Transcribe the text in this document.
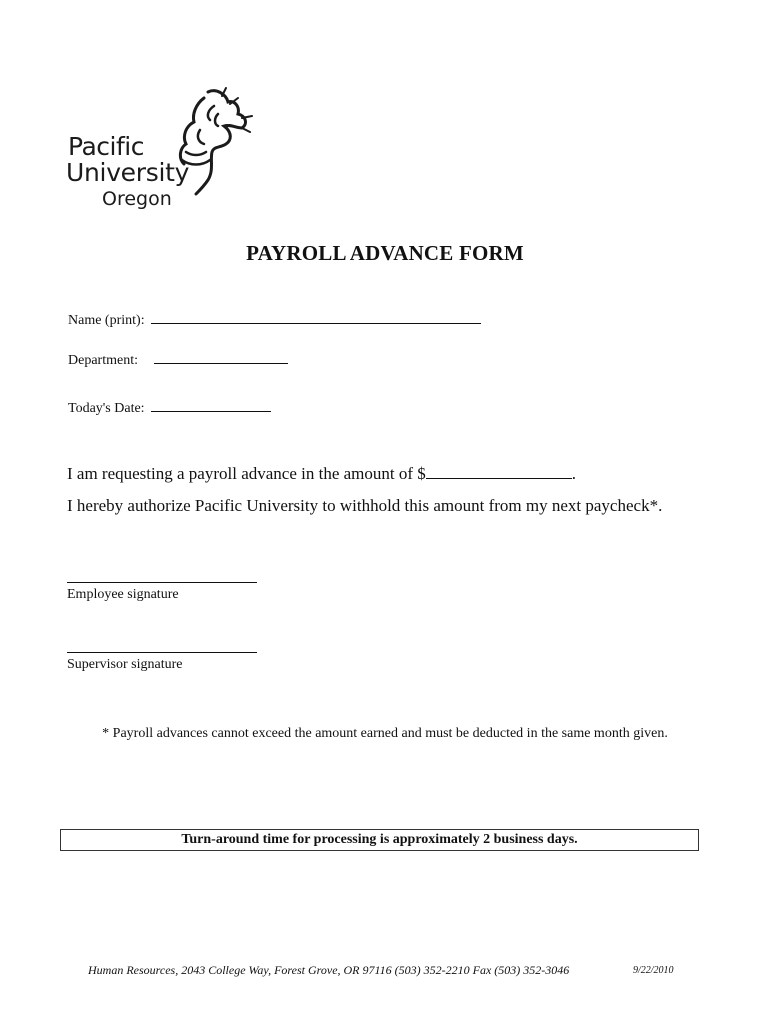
Pacific
University
Oregon
PAYROLL ADVANCE FORM
Name (print):
Department:
Today's Date:
I am requesting a payroll advance in the amount of $	.
I hereby authorize Pacific University to withhold this amount from my next paycheck*.
Employee signature
Supervisor signature
* Payroll advances cannot exceed the amount earned and must be deducted in the same month given.
Turn-around time for processing is approximately 2 business days.
Human Resources, 2043 College Way, Forest Grove, OR 97116 (503) 352-2210 Fax (503) 352-3046	9/22/2010
